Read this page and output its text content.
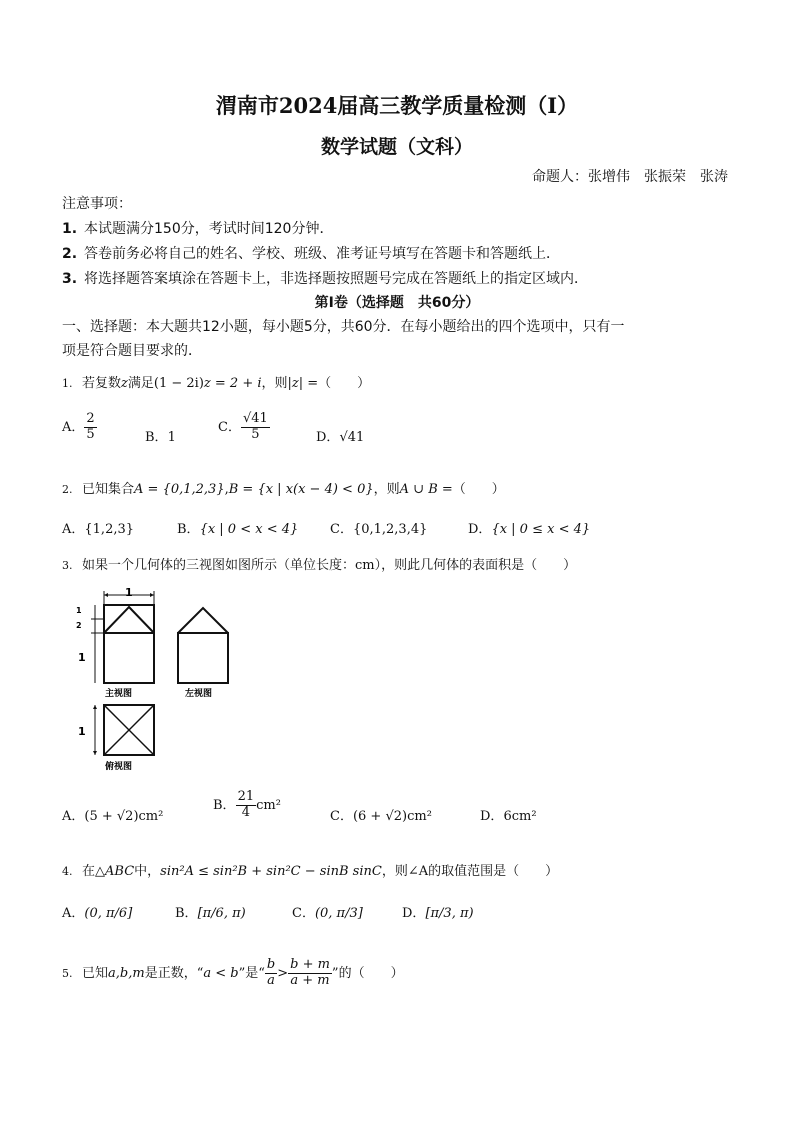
渭南市2024届高三教学质量检测（Ⅰ）
数学试题（文科）
命题人：张增伟　张振荣　张涛
注意事项：
1. 本试题满分150分，考试时间120分钟．
2. 答卷前务必将自己的姓名、学校、班级、准考证号填写在答题卡和答题纸上．
3. 将选择题答案填涂在答题卡上，非选择题按照题号完成在答题纸上的指定区域内．
第Ⅰ卷（选择题　共60分）
一、选择题：本大题共12小题，每小题5分，共60分．在每小题给出的四个选项中，只有一
项是符合题目要求的．
1. 若复数z满足(1 − 2i)z = 2 + i，则|z| =（　　）
A． $\frac{2}{5}$	B．1
C． $\frac{√41}{5}$	D．√41
2. 已知集合A = {0,1,2,3},B = {x | x(x − 4) < 0}，则A ∪ B =（　　）
A．{1,2,3}	B．{x | 0 < x < 4} C．{0,1,2,3,4}	D．{x | 0 ≤ x < 4}
3. 如果一个几何体的三视图如图所示（单位长度：cm），则此几何体的表面积是（　　）
1
1
2
1
主视图	左视图
1
俯视图
A．(5 + √2)cm²
B． $\frac{21}{4} cm^2$
C．(6 + √2)cm²	D．6cm²
4. 在△ABC中，sin²A ≤ sin²B + sin²C − sinB sinC，则∠A的取值范围是（　　）
A．(0, π/6]	B．[π/6, π)	C．(0, π/3]	D．[π/3, π)
5. 已知a,b,m是正数，“a < b”是“ $\frac{b}{a} > \frac{b + m}{a + m}$ ”的（　　）
